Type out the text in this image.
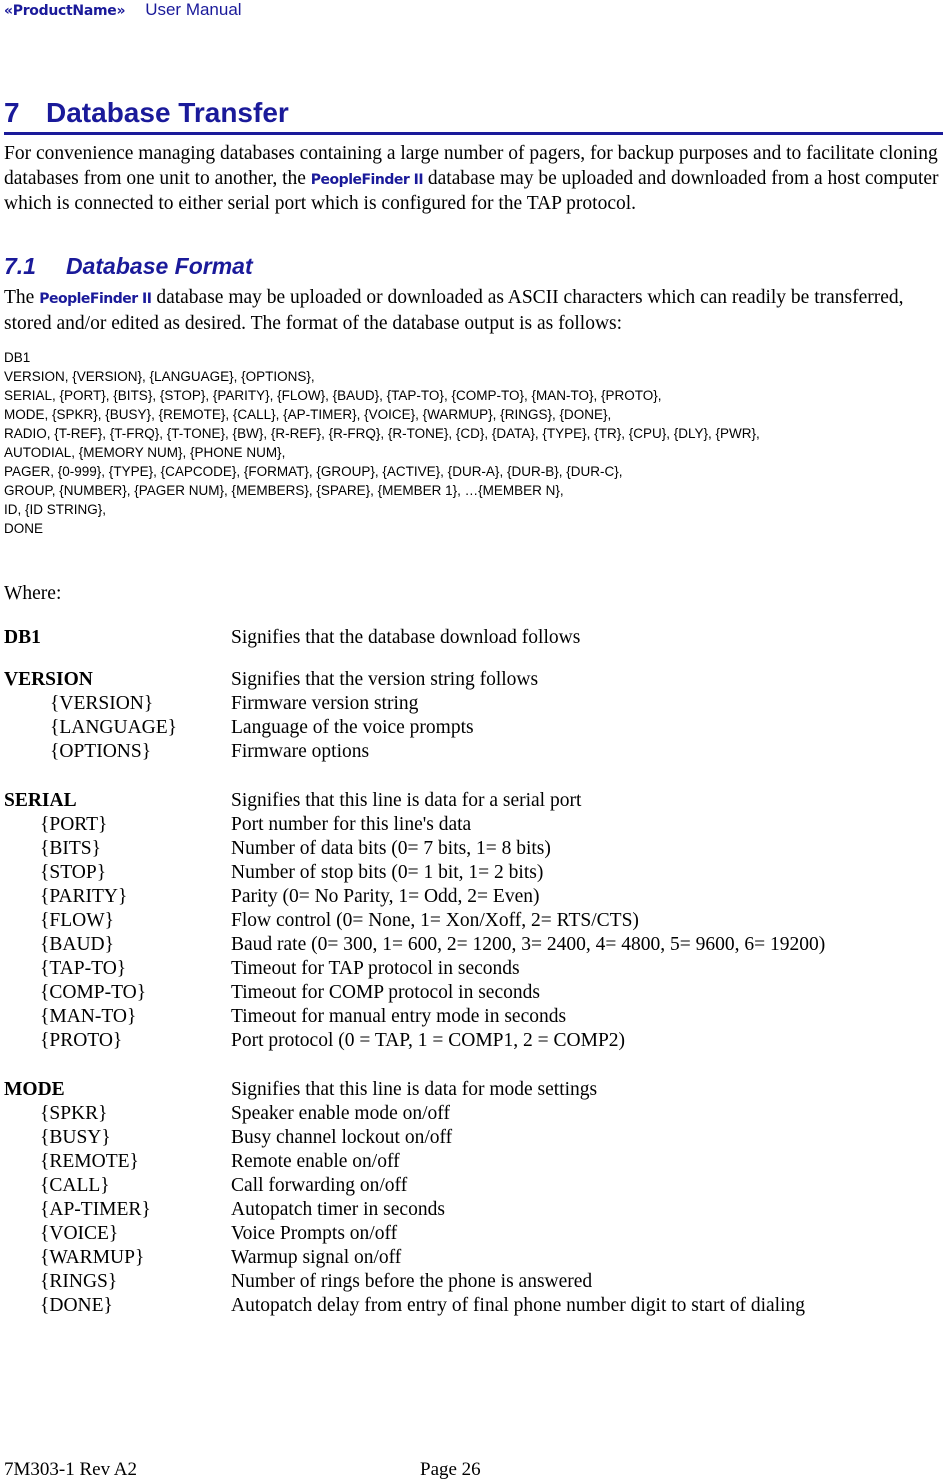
«ProductName» User Manual
7 Database Transfer

For convenience managing databases containing a large number of pagers, for backup purposes and to facilitate cloning databases from one unit to another, the PeopleFinder II database may be uploaded and downloaded from a host computer which is connected to either serial port which is configured for the TAP protocol.

7.1 Database Format

The PeopleFinder II database may be uploaded or downloaded as ASCII characters which can readily be transferred, stored and/or edited as desired. The format of the database output is as follows:

DB1
VERSION, {VERSION}, {LANGUAGE}, {OPTIONS},
SERIAL, {PORT}, {BITS}, {STOP}, {PARITY}, {FLOW}, {BAUD}, {TAP-TO}, {COMP-TO}, {MAN-TO}, {PROTO},
MODE, {SPKR}, {BUSY}, {REMOTE}, {CALL}, {AP-TIMER}, {VOICE}, {WARMUP}, {RINGS}, {DONE},
RADIO, {T-REF}, {T-FRQ}, {T-TONE}, {BW}, {R-REF}, {R-FRQ}, {R-TONE}, {CD}, {DATA}, {TYPE}, {TR}, {CPU}, {DLY}, {PWR},
AUTODIAL, {MEMORY NUM}, {PHONE NUM},
PAGER, {0-999}, {TYPE}, {CAPCODE}, {FORMAT}, {GROUP}, {ACTIVE}, {DUR-A}, {DUR-B}, {DUR-C},
GROUP, {NUMBER}, {PAGER NUM}, {MEMBERS}, {SPARE}, {MEMBER 1}, …{MEMBER N},
ID, {ID STRING},
DONE
Where:
DB1	Signifies that the database download follows
VERSION	Signifies that the version string follows
{VERSION}	Firmware version string
{LANGUAGE}	Language of the voice prompts
{OPTIONS}	Firmware options
SERIAL	Signifies that this line is data for a serial port
{PORT}	Port number for this line's data
{BITS}	Number of data bits (0= 7 bits, 1= 8 bits)
{STOP}	Number of stop bits (0= 1 bit, 1= 2 bits)
{PARITY}	Parity (0= No Parity, 1= Odd, 2= Even)
{FLOW}	Flow control (0= None, 1= Xon/Xoff, 2= RTS/CTS)
{BAUD}	Baud rate (0= 300, 1= 600, 2= 1200, 3= 2400, 4= 4800, 5= 9600, 6= 19200)
{TAP-TO}	Timeout for TAP protocol in seconds
{COMP-TO}	Timeout for COMP protocol in seconds
{MAN-TO}	Timeout for manual entry mode in seconds
{PROTO}	Port protocol (0 = TAP, 1 = COMP1, 2 = COMP2)
MODE	Signifies that this line is data for mode settings
{SPKR}	Speaker enable mode on/off
{BUSY}	Busy channel lockout on/off
{REMOTE}	Remote enable on/off
{CALL}	Call forwarding on/off
{AP-TIMER}	Autopatch timer in seconds
{VOICE}	Voice Prompts on/off
{WARMUP}	Warmup signal on/off
{RINGS}	Number of rings before the phone is answered
{DONE}	Autopatch delay from entry of final phone number digit to start of dialing
7M303-1 Rev A2	Page 26
